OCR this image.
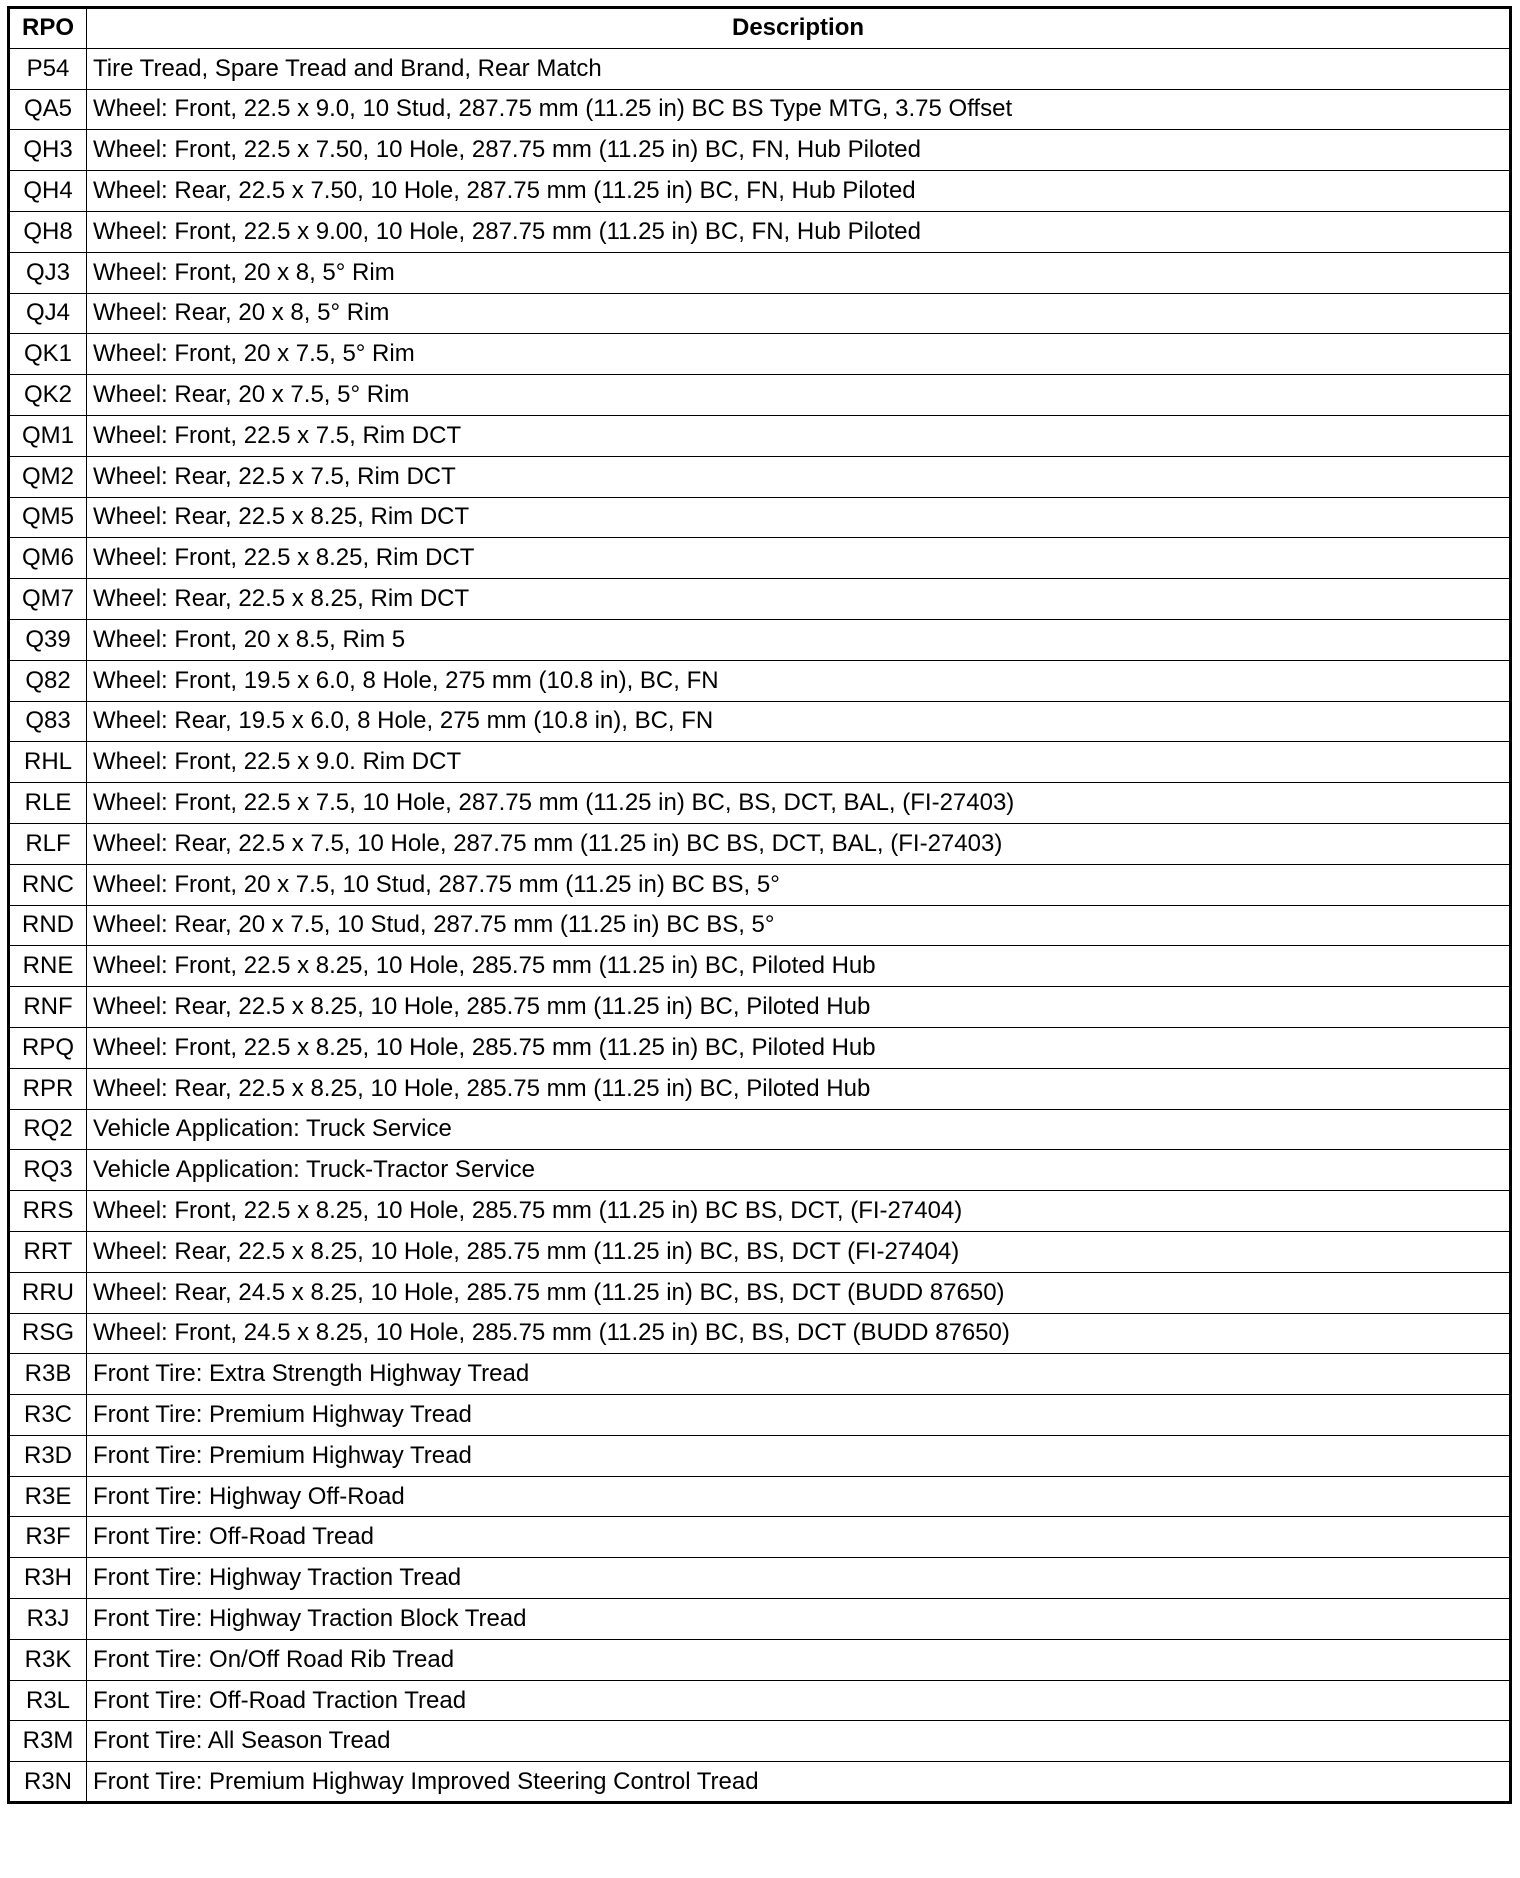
RPO	Description
P54	Tire Tread, Spare Tread and Brand, Rear Match
QA5	Wheel: Front, 22.5 x 9.0, 10 Stud, 287.75 mm (11.25 in) BC BS Type MTG, 3.75 Offset
QH3	Wheel: Front, 22.5 x 7.50, 10 Hole, 287.75 mm (11.25 in) BC, FN, Hub Piloted
QH4	Wheel: Rear, 22.5 x 7.50, 10 Hole, 287.75 mm (11.25 in) BC, FN, Hub Piloted
QH8	Wheel: Front, 22.5 x 9.00, 10 Hole, 287.75 mm (11.25 in) BC, FN, Hub Piloted
QJ3	Wheel: Front, 20 x 8, 5° Rim
QJ4	Wheel: Rear, 20 x 8, 5° Rim
QK1	Wheel: Front, 20 x 7.5, 5° Rim
QK2	Wheel: Rear, 20 x 7.5, 5° Rim
QM1	Wheel: Front, 22.5 x 7.5, Rim DCT
QM2	Wheel: Rear, 22.5 x 7.5, Rim DCT
QM5	Wheel: Rear, 22.5 x 8.25, Rim DCT
QM6	Wheel: Front, 22.5 x 8.25, Rim DCT
QM7	Wheel: Rear, 22.5 x 8.25, Rim DCT
Q39	Wheel: Front, 20 x 8.5, Rim 5
Q82	Wheel: Front, 19.5 x 6.0, 8 Hole, 275 mm (10.8 in), BC, FN
Q83	Wheel: Rear, 19.5 x 6.0, 8 Hole, 275 mm (10.8 in), BC, FN
RHL	Wheel: Front, 22.5 x 9.0. Rim DCT
RLE	Wheel: Front, 22.5 x 7.5, 10 Hole, 287.75 mm (11.25 in) BC, BS, DCT, BAL, (FI-27403)
RLF	Wheel: Rear, 22.5 x 7.5, 10 Hole, 287.75 mm (11.25 in) BC BS, DCT, BAL, (FI-27403)
RNC	Wheel: Front, 20 x 7.5, 10 Stud, 287.75 mm (11.25 in) BC BS, 5°
RND	Wheel: Rear, 20 x 7.5, 10 Stud, 287.75 mm (11.25 in) BC BS, 5°
RNE	Wheel: Front, 22.5 x 8.25, 10 Hole, 285.75 mm (11.25 in) BC, Piloted Hub
RNF	Wheel: Rear, 22.5 x 8.25, 10 Hole, 285.75 mm (11.25 in) BC, Piloted Hub
RPQ	Wheel: Front, 22.5 x 8.25, 10 Hole, 285.75 mm (11.25 in) BC, Piloted Hub
RPR	Wheel: Rear, 22.5 x 8.25, 10 Hole, 285.75 mm (11.25 in) BC, Piloted Hub
RQ2	Vehicle Application: Truck Service
RQ3	Vehicle Application: Truck-Tractor Service
RRS	Wheel: Front, 22.5 x 8.25, 10 Hole, 285.75 mm (11.25 in) BC BS, DCT, (FI-27404)
RRT	Wheel: Rear, 22.5 x 8.25, 10 Hole, 285.75 mm (11.25 in) BC, BS, DCT (FI-27404)
RRU	Wheel: Rear, 24.5 x 8.25, 10 Hole, 285.75 mm (11.25 in) BC, BS, DCT (BUDD 87650)
RSG	Wheel: Front, 24.5 x 8.25, 10 Hole, 285.75 mm (11.25 in) BC, BS, DCT (BUDD 87650)
R3B	Front Tire: Extra Strength Highway Tread
R3C	Front Tire: Premium Highway Tread
R3D	Front Tire: Premium Highway Tread
R3E	Front Tire: Highway Off-Road
R3F	Front Tire: Off-Road Tread
R3H	Front Tire: Highway Traction Tread
R3J	Front Tire: Highway Traction Block Tread
R3K	Front Tire: On/Off Road Rib Tread
R3L	Front Tire: Off-Road Traction Tread
R3M	Front Tire: All Season Tread
R3N	Front Tire: Premium Highway Improved Steering Control Tread
